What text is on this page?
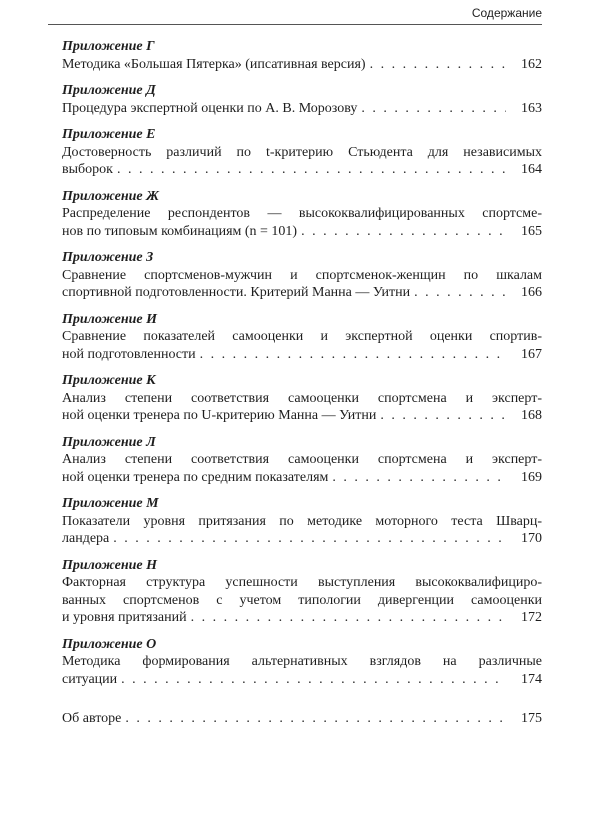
Содержание
Приложение Г
Методика «Большая Пятерка» (ипсативная версия) . . .	162
Приложение Д
Процедура экспертной оценки по А. В. Морозову . . .	163
Приложение Е
Достоверность различий по t-критерию Стьюдента для независимых
выборок . . .	164
Приложение Ж
Распределение респондентов — высококвалифицированных спортсме-
нов по типовым комбинациям (n = 101) . . .	165
Приложение З
Сравнение спортсменов-мужчин и спортсменок-женщин по шкалам
спортивной подготовленности. Критерий Манна — Уитни . . .	166
Приложение И
Сравнение показателей самооценки и экспертной оценки спортив-
ной подготовленности . . .	167
Приложение К
Анализ степени соответствия самооценки спортсмена и эксперт-
ной оценки тренера по U-критерию Манна — Уитни . . .	168
Приложение Л
Анализ степени соответствия самооценки спортсмена и эксперт-
ной оценки тренера по средним показателям . . .	169
Приложение М
Показатели уровня притязания по методике моторного теста Шварц-
ландера . . .	170
Приложение Н
Факторная структура успешности выступления высококвалифициро-
ванных спортсменов с учетом типологии дивергенции самооценки
и уровня притязаний . . .	172
Приложение О
Методика формирования альтернативных взглядов на различные
ситуации . . .	174
Об авторе . . .	175
